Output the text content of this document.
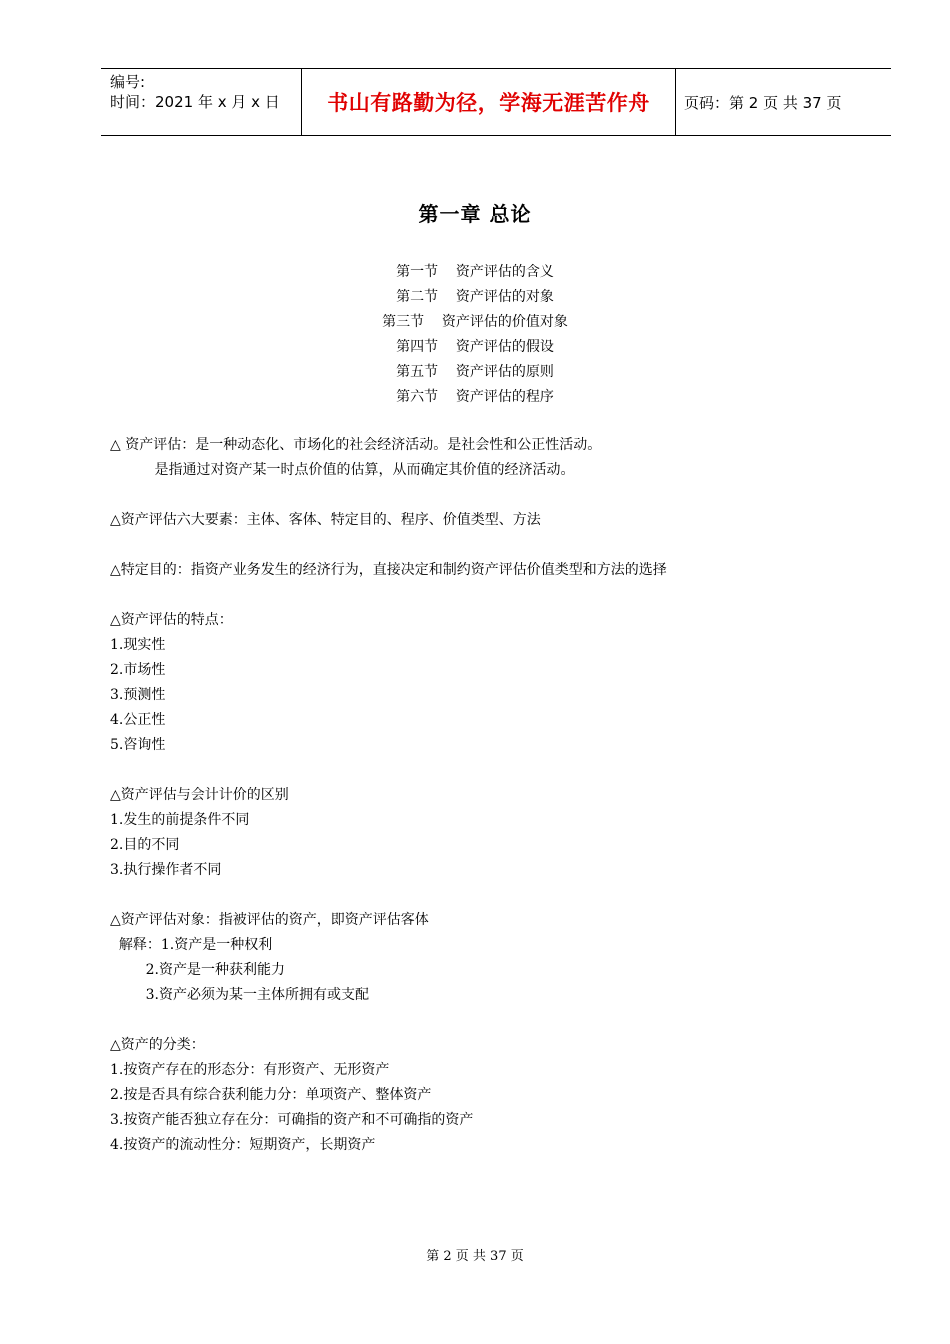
编号:
时间：2021 年 x 月 x 日 书山有路勤为径，学海无涯苦作舟	页码：第 2 页 共 37 页
第一章 总论
第一节    资产评估的含义
第二节    资产评估的对象
第三节    资产评估的价值对象
第四节    资产评估的假设
第五节    资产评估的原则
第六节    资产评估的程序
△ 资产评估：是一种动态化、市场化的社会经济活动。是社会性和公正性活动。
是指通过对资产某一时点价值的估算，从而确定其价值的经济活动。
△资产评估六大要素：主体、客体、特定目的、程序、价值类型、方法
△特定目的：指资产业务发生的经济行为，直接决定和制约资产评估价值类型和方法的选择
△资产评估的特点：
1.现实性
2.市场性
3.预测性
4.公正性
5.咨询性
△资产评估与会计计价的区别
1.发生的前提条件不同
2.目的不同
3.执行操作者不同
△资产评估对象：指被评估的资产，即资产评估客体
解释：1.资产是一种权利
2.资产是一种获利能力
3.资产必须为某一主体所拥有或支配
△资产的分类：
1.按资产存在的形态分：有形资产、无形资产
2.按是否具有综合获利能力分：单项资产、整体资产
3.按资产能否独立存在分：可确指的资产和不可确指的资产
4.按资产的流动性分：短期资产，长期资产
第 2 页 共 37 页
